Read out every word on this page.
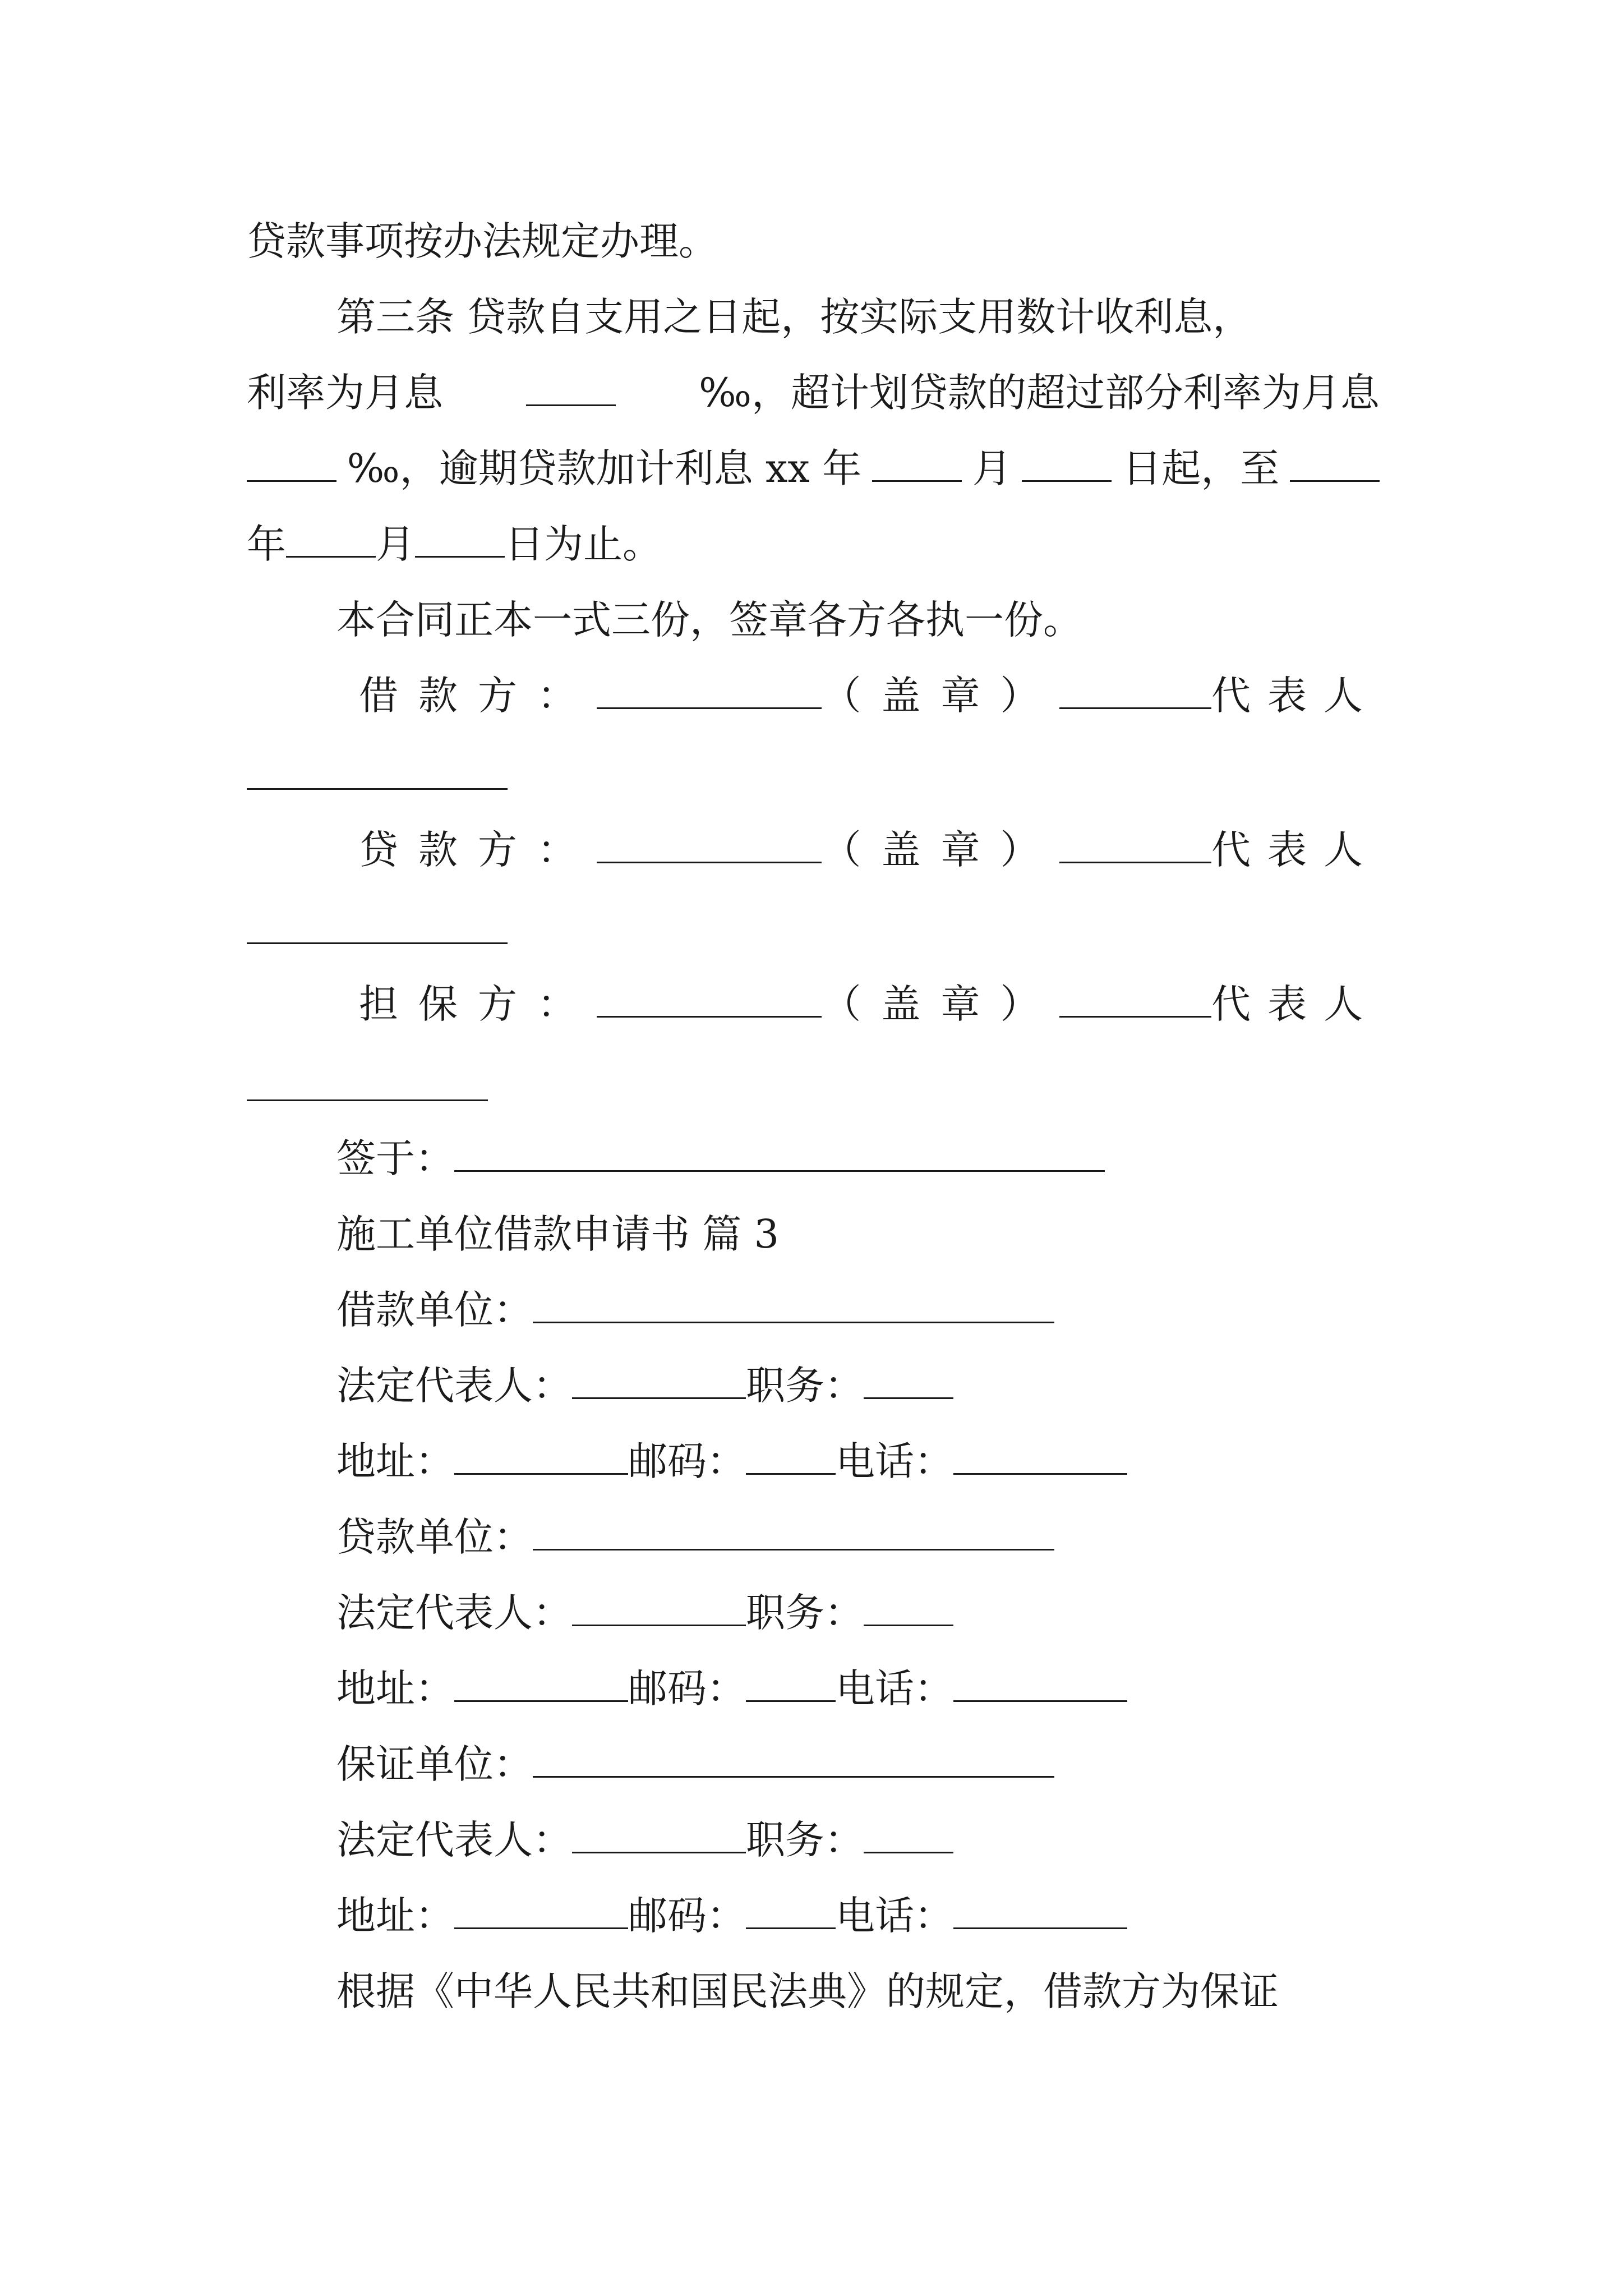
贷款事项按办法规定办理。
第三条 贷款自支用之日起，按实际支用数计收利息，
利率为月息	‰，超计划贷款的超过部分利率为月息
‰，逾期贷款加计利息 xx 年	月	日起，至
年 月 日为止。
本合同正本一式三份，签章各方各执一份。
借款方：	（盖章）	代表人
贷款方：	（盖章）	代表人
担保方：	（盖章）	代表人
签于：
施工单位借款申请书 篇 3
借款单位：
法定代表人：	职务：
地址：	邮码： 电话：
贷款单位：
法定代表人：	职务：
地址：	邮码： 电话：
保证单位：
法定代表人：	职务：
地址：	邮码： 电话：
根据《中华人民共和国民法典》的规定，借款方为保证
